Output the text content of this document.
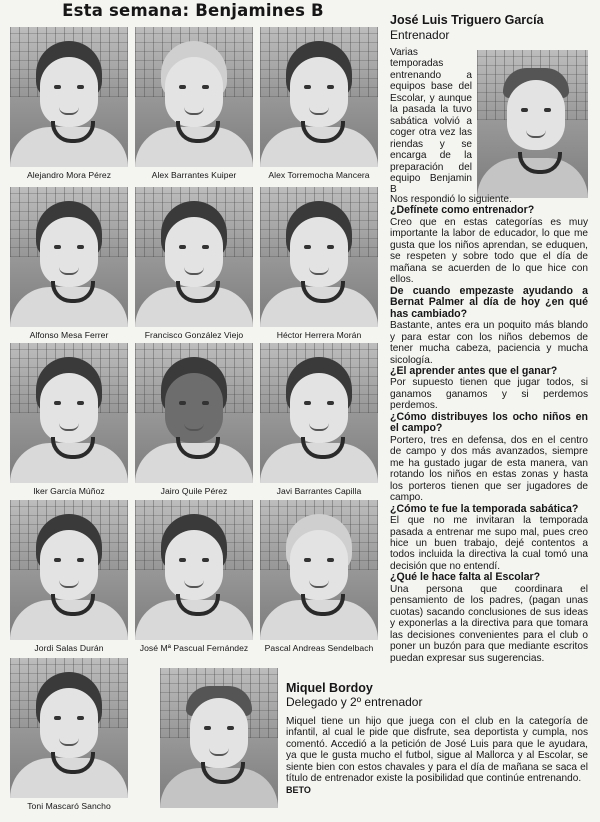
Esta semana: Benjamines B
Alejandro Mora Pérez	Alex Barrantes Kuiper	Alex Torremocha Mancera
Alfonso Mesa Ferrer	Francisco González Viejo	Héctor Herrera Morán
Iker García Múñoz	Jairo Quile Pérez	Javi Barrantes Capilla
Jordi Salas Durán	José Mª Pascual Fernández	Pascal Andreas Sendelbach
Toni Mascaró Sancho
José Luis Triguero García
Entrenador
Varias temporadas entrenando a equipos base del Escolar, y aunque la pasada la tuvo sabática volvió a coger otra vez las riendas y se encarga de la preparación del equipo Benjamin B

Nos respondió lo siguiente.

¿Defínete como entrenador?

Creo que en estas categorías es muy importante la labor de educador, lo que me gusta que los niños aprendan, se eduquen, se respeten y sobre todo que el día de mañana se acuerden de lo que hice con ellos.

De cuando empezaste ayudando a Bernat Palmer al día de hoy ¿en qué has cambiado?

Bastante, antes era un poquito más blando y para estar con los niños debemos de tener mucha cabeza, paciencia y mucha sicología.

¿El aprender antes que el ganar?

Por supuesto tienen que jugar todos, si ganamos ganamos y si perdemos perdemos.

¿Cómo distribuyes los ocho niños en el campo?

Portero, tres en defensa, dos en el centro de campo y dos más avanzados, siempre me ha gustado jugar de esta manera, van rotando los niños en estas zonas y hasta los porteros tienen que ser jugadores de campo.

¿Cómo te fue la temporada sabática?

El que no me invitaran la temporada pasada a entrenar me supo mal, pues creo hice un buen trabajo, dejé contentos a todos incluida la directiva la cual tomó una decisión que no entendí.

¿Qué le hace falta al Escolar?

Una persona que coordinara el pensamiento de los padres, (pagan unas cuotas) sacando conclusiones de sus ideas y exponerlas a la directiva para que tomara las decisiones convenientes para el club o poner un buzón para que mediante escritos puedan expresar sus sugerencias.

Miquel Bordoy
Delegado y 2º entrenador
Miquel tiene un hijo que juega con el club en la categoría de infantil, al cual le pide que disfrute, sea deportista y cumpla, nos comentó. Accedió a la petición de José Luis para que le ayudara, ya que le gusta mucho el futbol, sigue al Mallorca y al Escolar, se siente bien con estos chavales y para el día de mañana se saca el título de entrenador existe la posibilidad que continúe entrenando.
BETO
